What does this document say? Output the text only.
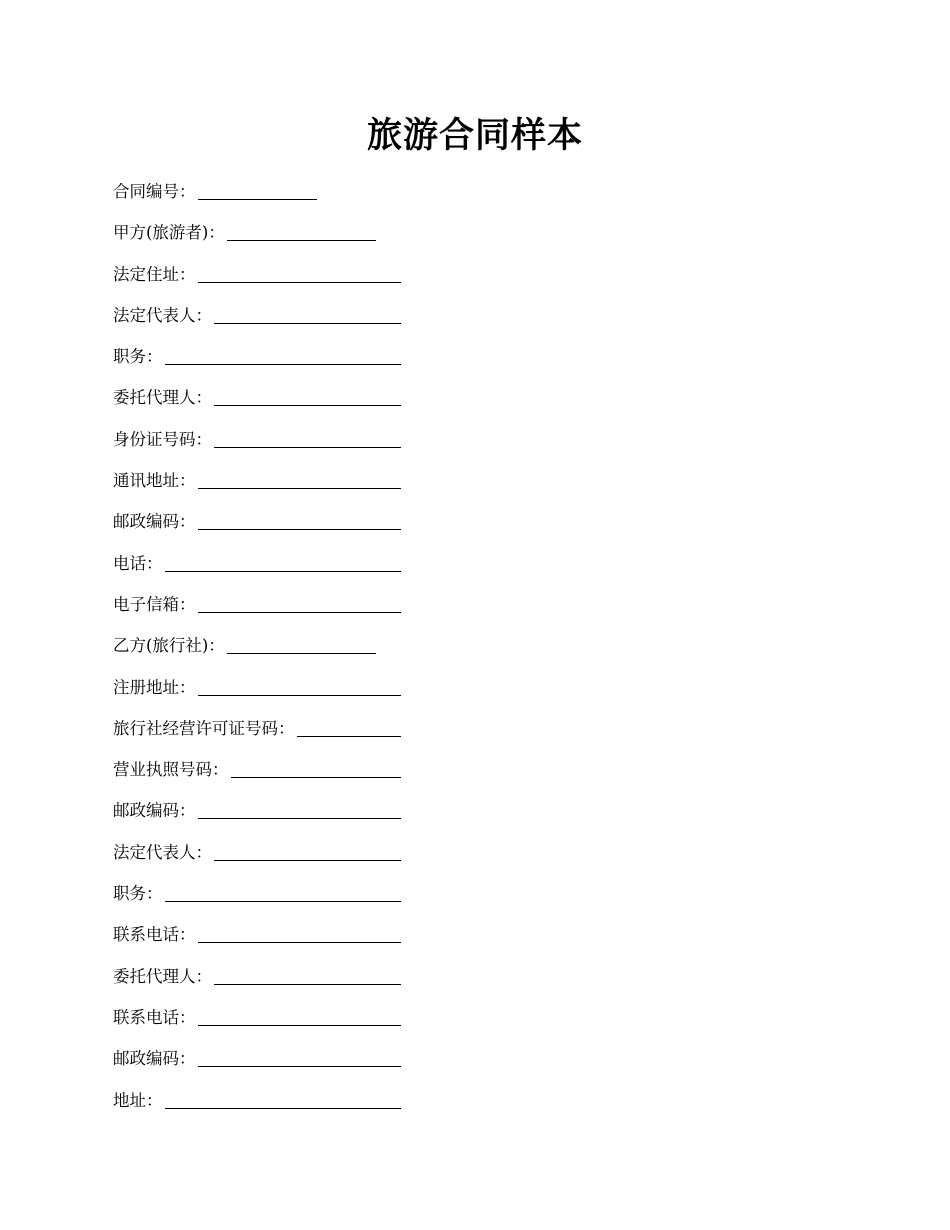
旅游合同样本
合同编号：
甲方(旅游者)：
法定住址：
法定代表人：
职务：
委托代理人：
身份证号码：
通讯地址：
邮政编码：
电话：
电子信箱：
乙方(旅行社)：
注册地址：
旅行社经营许可证号码：
营业执照号码：
邮政编码：
法定代表人：
职务：
联系电话：
委托代理人：
联系电话：
邮政编码：
地址：
